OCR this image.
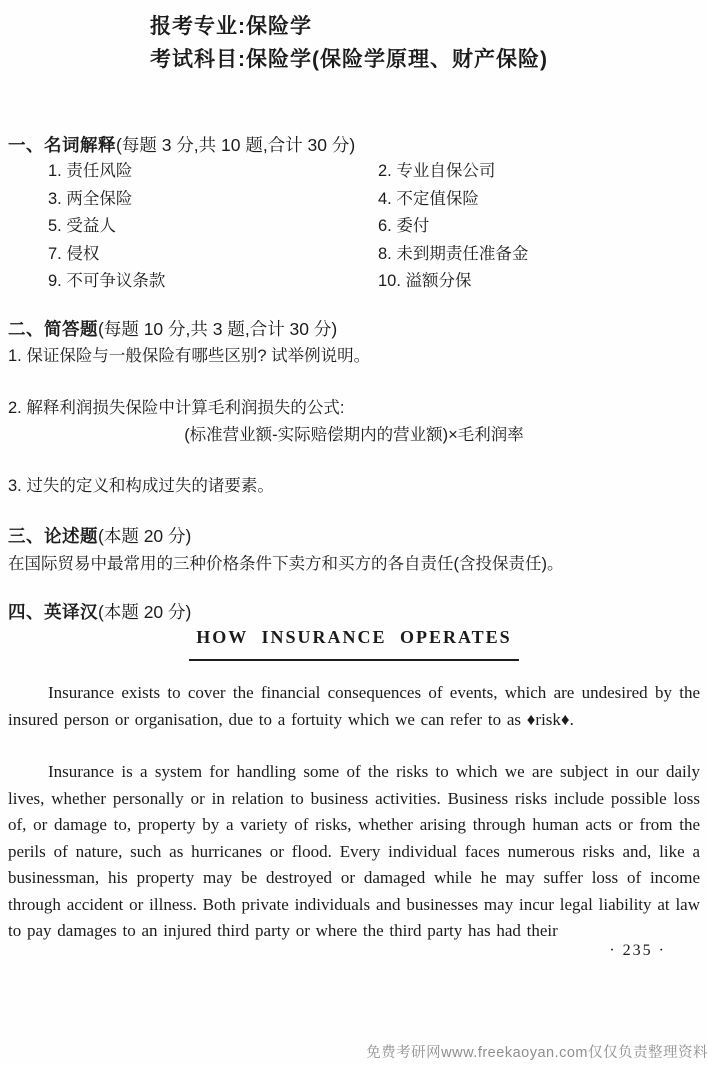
报考专业:保险学
考试科目:保险学(保险学原理、财产保险)
一、名词解释(每题 3 分,共 10 题,合计 30 分)
1. 责任风险	2. 专业自保公司
3. 两全保险	4. 不定值保险
5. 受益人	6. 委付
7. 侵权	8. 未到期责任准备金
9. 不可争议条款	10. 溢额分保
二、简答题(每题 10 分,共 3 题,合计 30 分)
1. 保证保险与一般保险有哪些区别? 试举例说明。
2. 解释利润损失保险中计算毛利润损失的公式:
(标准营业额-实际赔偿期内的营业额)×毛利润率
3. 过失的定义和构成过失的诸要素。
三、论述题(本题 20 分)
在国际贸易中最常用的三种价格条件下卖方和买方的各自责任(含投保责任)。
四、英译汉(本题 20 分)
HOW INSURANCE OPERATES

Insurance exists to cover the financial consequences of events, which are undesired by the insured person or organisation, due to a fortuity which we can refer to as ♦risk♦.

Insurance is a system for handling some of the risks to which we are subject in our daily lives, whether personally or in relation to business activities. Business risks include possible loss of, or damage to, property by a variety of risks, whether arising through human acts or from the perils of nature, such as hurricanes or flood. Every individual faces numerous risks and, like a businessman, his property may be destroyed or damaged while he may suffer loss of income through accident or illness. Both private individuals and businesses may incur legal liability at law to pay damages to an injured third party or where the third party has had their

· 235 ·
免费考研网www.freekaoyan.com仅仅负责整理资料
